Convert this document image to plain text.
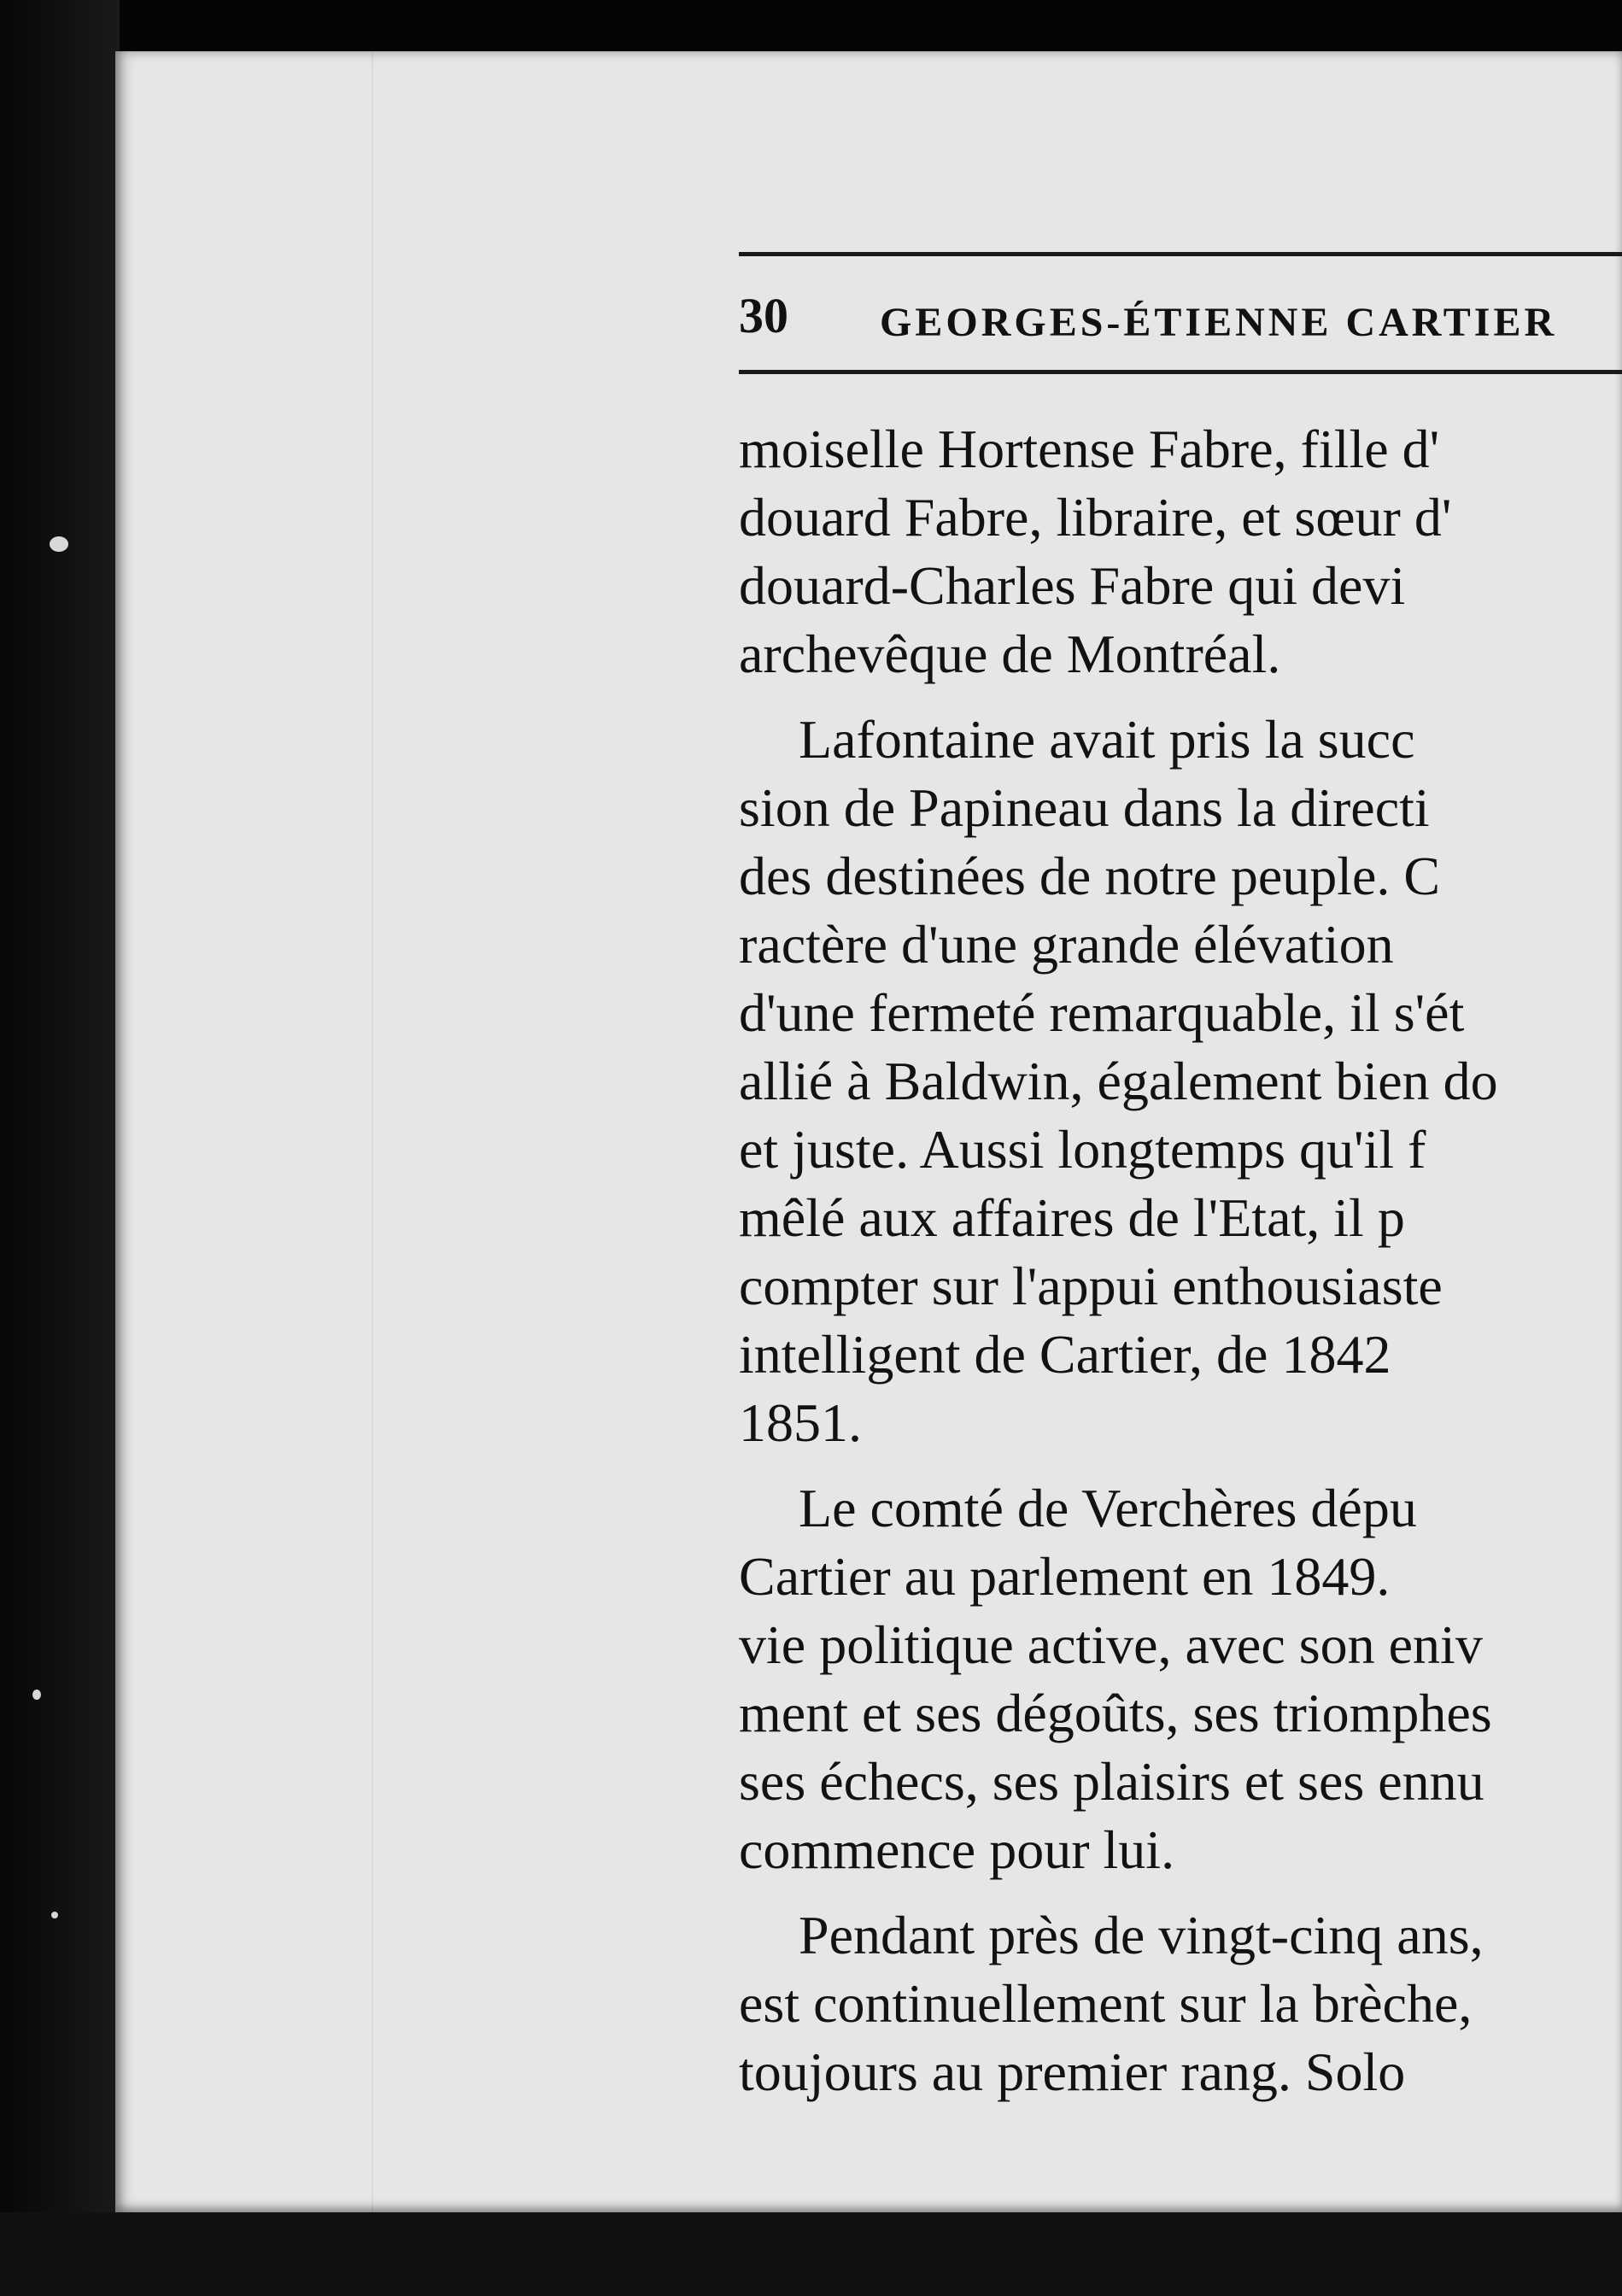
30 GEORGES-ÉTIENNE CARTIER
moiselle Hortense Fabre, fille d'
douard Fabre, libraire, et sœur d'
douard-Charles Fabre qui devi
archevêque de Montréal.
Lafontaine avait pris la succ
sion de Papineau dans la directi
des destinées de notre peuple. C
ractère d'une grande élévation
d'une fermeté remarquable, il s'ét
allié à Baldwin, également bien do
et juste. Aussi longtemps qu'il f
mêlé aux affaires de l'Etat, il p
compter sur l'appui enthousiaste
intelligent de Cartier, de 1842
1851.
Le comté de Verchères dépu
Cartier au parlement en 1849.
vie politique active, avec son eniv
ment et ses dégoûts, ses triomphes
ses échecs, ses plaisirs et ses ennu
commence pour lui.
Pendant près de vingt-cinq ans,
est continuellement sur la brèche,
toujours au premier rang. Solo
